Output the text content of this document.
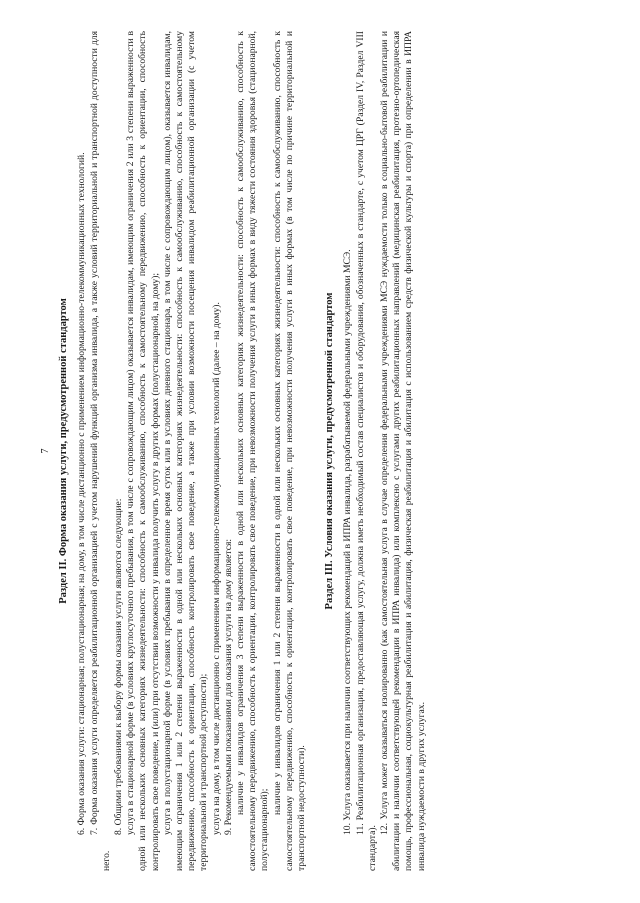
7 Раздел II. Форма оказания услуги, предусмотренной стандартом 6. Форма оказания услуги: стационарная; полустационарная; на дому, в том числе дистанционно с применением информационно-телекоммуникационных технологий. 7. Форма оказания услуги определяется реабилитационной организацией с учетом нарушений функций организма инвалида, а также условий территориальной и транспортной доступности для него.

8. Общими требованиями к выбору формы оказания услуги являются следующие: услуга в стационарной форме (в условиях круглосуточного пребывания, в том числе с сопровождающим лицом) оказывается инвалидам, имеющим ограничения 2 или 3 степени выраженности в одной или нескольких основных категориях жизнедеятельности: способность к самообслуживанию, способность к самостоятельному передвижению, способность к ориентации, способность контролировать свое поведение, и (или) при отсутствии возможности у инвалида получить услугу в других формах (полустационарной, на дому); услуга в полустационарной форме (в условиях пребывания в определенное время суток или в условиях дневного стационара, в том числе с сопровождающим лицом), оказывается инвалидам, имеющим ограничения 1 или 2 степени выраженности в одной или нескольких основных категориях жизнедеятельности: способность к самообслуживанию, способность к самостоятельному передвижению, способность к ориентации, способность контролировать свое поведение, а также при условии возможности посещения инвалидом реабилитационной организации (с учетом территориальной и транспортной доступности); услуга на дому, в том числе дистанционно с применением информационно-телекоммуникационных технологий (далее – на дому). 9. Рекомендуемыми показаниями для оказания услуги на дому является: наличие у инвалидов ограничения 3 степени выраженности в одной или нескольких основных категориях жизнедеятельности: способность к самообслуживанию, способность к самостоятельному передвижению, способность к ориентации, контролировать свое поведение, при невозможности получения услуги в иных формах в виду тяжести состояния здоровья (стационарной, полустационарной);

наличие у инвалидов ограничения 1 или 2 степени выраженности в одной или нескольких основных категориях жизнедеятельности: способность к самообслуживанию, способность к самостоятельному передвижению, способность к ориентации, контролировать свое поведение, при невозможности получения услуги в иных формах (в том числе по причине территориальной и транспортной недоступности).

Раздел III. Условия оказания услуги, предусмотренной стандартом 10. Услуга оказывается при наличии соответствующих рекомендаций в ИПРА инвалида, разрабатываемой федеральными учреждениями МСЭ. 11. Реабилитационная организация, предоставляющая услугу, должна иметь необходимый состав специалистов и оборудования, обозначенных в стандарте, с учетом ЦРГ (Раздел IV, Раздел VIII стандарта).

12. Услуга может оказываться изолированно (как самостоятельная услуга в случае определения федеральными учреждениями МСЭ нуждаемости только в социально-бытовой реабилитации и абилитации и наличии соответствующей рекомендации в ИПРА инвалида) или комплексно с услугами других реабилитационных направлений (медицинская реабилитация, протезно-ортопедическая помощь, профессиональная, социокультурная реабилитация и абилитация, физическая реабилитация и абилитация с использованием средств физической культуры и спорта) при определении в ИПРА инвалида нуждаемости в других услугах.
